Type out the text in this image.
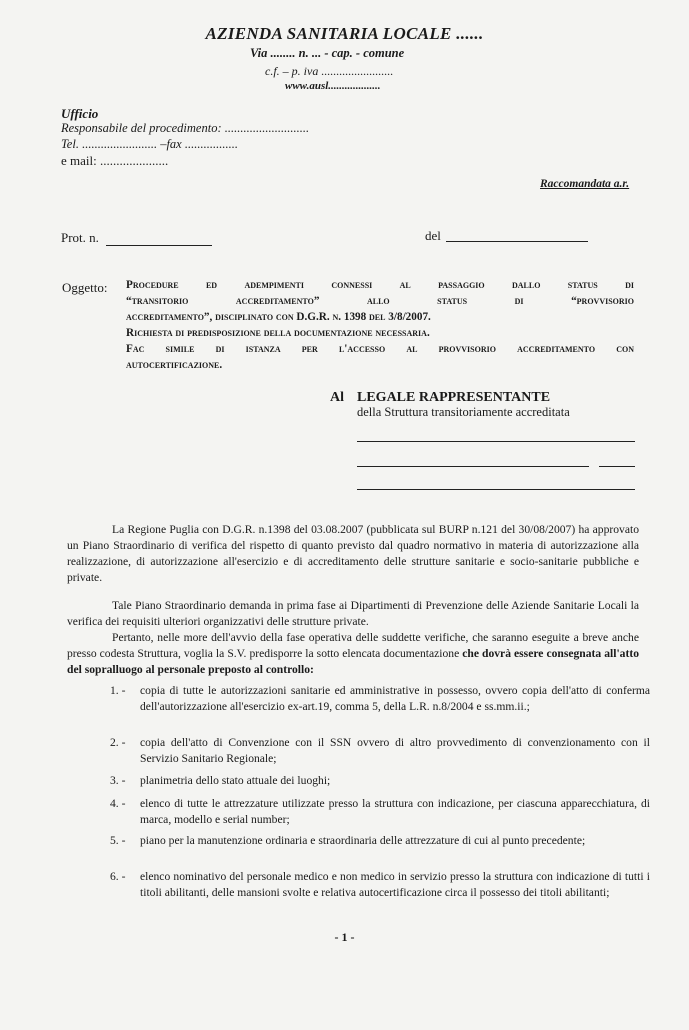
AZIENDA SANITARIA LOCALE ......
Via ........ n. ... - cap. - comune
c.f. – p. iva ........................
www.ausl...................
Ufficio
Responsabile del procedimento: ...........................
Tel. ........................ –fax .................
e mail: .....................
Raccomandata a.r.
Prot. n.	del
Oggetto: Procedure ed adempimenti connessi al passaggio dallo status di
“transitorio accreditamento” allo status di “provvisorio
accreditamento”, disciplinato con D.G.R. n. 1398 del 3/8/2007.
Richiesta di predisposizione della documentazione necessaria.
Fac simile di istanza per l'accesso al provvisorio accreditamento con
autocertificazione.
Al LEGALE RAPPRESENTANTE
della Struttura transitoriamente accreditata
La Regione Puglia con D.G.R. n.1398 del 03.08.2007 (pubblicata sul BURP n.121 del 30/08/2007) ha approvato un Piano Straordinario di verifica del rispetto di quanto previsto dal quadro normativo in materia di autorizzazione alla realizzazione, di autorizzazione all'esercizio e di accreditamento delle strutture sanitarie e socio-sanitarie pubbliche e private.
Tale Piano Straordinario demanda in prima fase ai Dipartimenti di Prevenzione delle Aziende Sanitarie Locali la verifica dei requisiti ulteriori organizzativi delle strutture private.
Pertanto, nelle more dell'avvio della fase operativa delle suddette verifiche, che saranno eseguite a breve anche presso codesta Struttura, voglia la S.V. predisporre la sotto elencata documentazione che dovrà essere consegnata all'atto del sopralluogo al personale preposto al controllo:
1. -	copia di tutte le autorizzazioni sanitarie ed amministrative in possesso, ovvero copia dell'atto di conferma dell'autorizzazione all'esercizio ex-art.19, comma 5, della L.R. n.8/2004 e ss.mm.ii.;
2. -	copia dell'atto di Convenzione con il SSN ovvero di altro provvedimento di convenzionamento con il Servizio Sanitario Regionale;
3. -	planimetria dello stato attuale dei luoghi;
4. -	elenco di tutte le attrezzature utilizzate presso la struttura con indicazione, per ciascuna apparecchiatura, di marca, modello e serial number;
5. -	piano per la manutenzione ordinaria e straordinaria delle attrezzature di cui al punto precedente;
6. -	elenco nominativo del personale medico e non medico in servizio presso la struttura con indicazione di tutti i titoli abilitanti, delle mansioni svolte e relativa autocertificazione circa il possesso dei titoli abilitanti;
- 1 -
